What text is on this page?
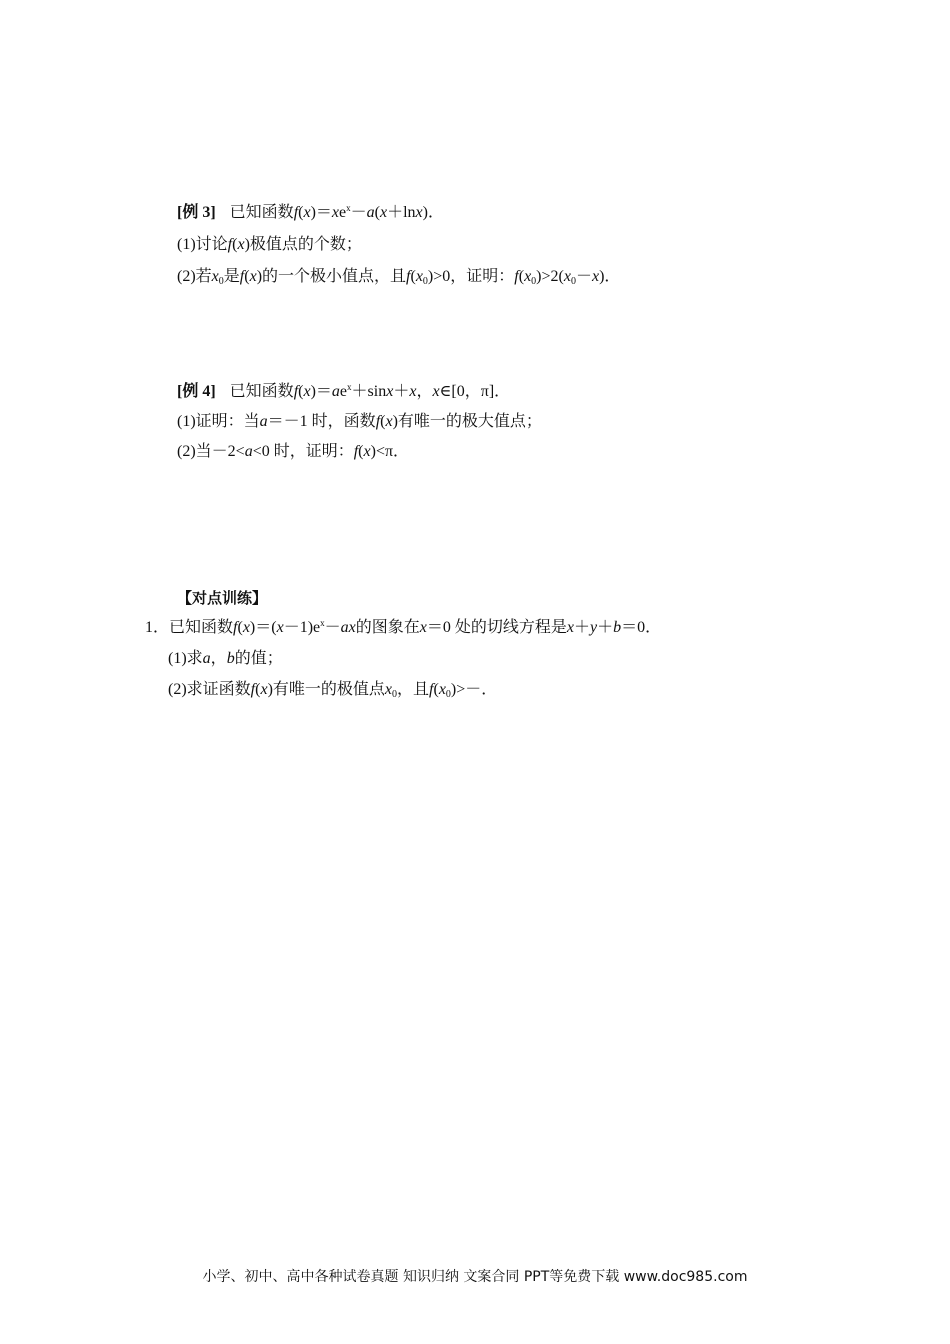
[例 3] 已知函数$f(x)=xe^x-a(x+\ln x)$．
(1)讨论f(x)极值点的个数；
(2)若$x_0$是f(x)的一个极小值点，且$f(x_0)>0$，证明：$f(x_0)>2(x_0-x)$．
[例 4] 已知函数$f(x)=ae^x+\sin x+x$，x∈[0，π]．
(1)证明：当a＝－1 时，函数f(x)有唯一的极大值点；
(2)当－2<a<0 时，证明：f(x)<π．
【对点训练】
1．已知函数$f(x)=(x-1)e^x-ax$的图象在x＝0 处的切线方程是x＋y＋b＝0．
(1)求a，b的值；
(2)求证函数f(x)有唯一的极值点$x_0$，且$f(x_0)>-$．
小学、初中、高中各种试卷真题 知识归纳 文案合同 PPT等免费下载 www.doc985.com
